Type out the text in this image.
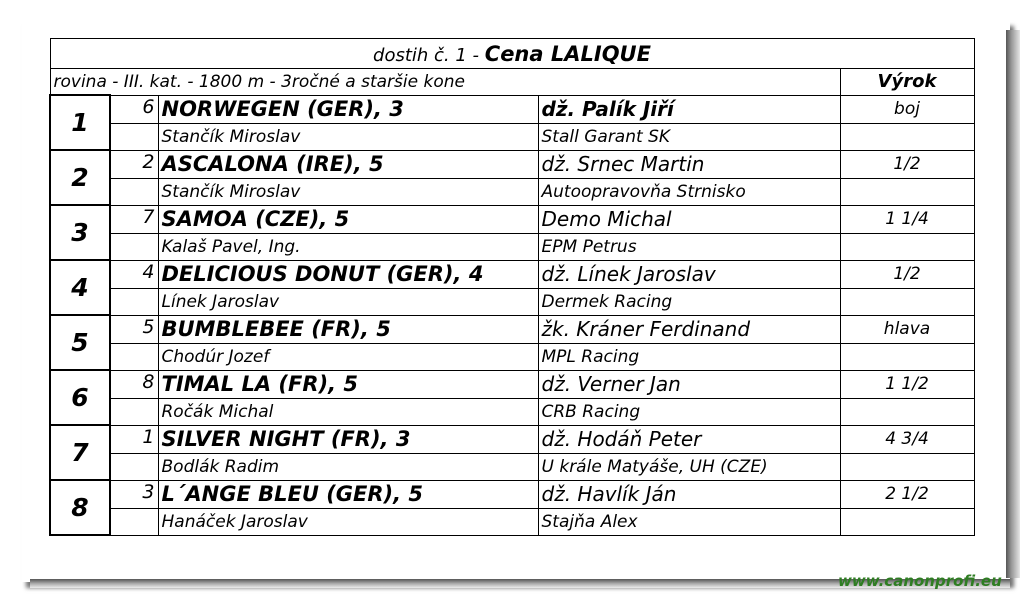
dostih č. 1 - Cena LALIQUE				
rovina - III. kat. - 1800 m - 3ročné a staršie kone				Výrok
1	6	NORWEGEN (GER), 3	dž. Palík Jiří	boj
		Stančík Miroslav	Stall Garant SK	
2	2	ASCALONA (IRE), 5	dž. Srnec Martin	1/2
		Stančík Miroslav	Autoopravovňa Strnisko	
3	7	SAMOA (CZE), 5	Demo Michal	1 1/4
		Kalaš Pavel, Ing.	EPM Petrus	
4	4	DELICIOUS DONUT (GER), 4	dž. Línek Jaroslav	1/2
		Línek Jaroslav	Dermek Racing	
5	5	BUMBLEBEE (FR), 5	žk. Kráner Ferdinand	hlava
		Chodúr Jozef	MPL Racing	
6	8	TIMAL LA (FR), 5	dž. Verner Jan	1 1/2
		Ročák Michal	CRB Racing	
7	1	SILVER NIGHT (FR), 3	dž. Hodáň Peter	4 3/4
		Bodlák Radim	U krále Matyáše, UH (CZE)	
8	3	L´ANGE BLEU (GER), 5	dž. Havlík Ján	2 1/2
		Hanáček Jaroslav	Stajňa Alex	
www.canonprofi.eu
